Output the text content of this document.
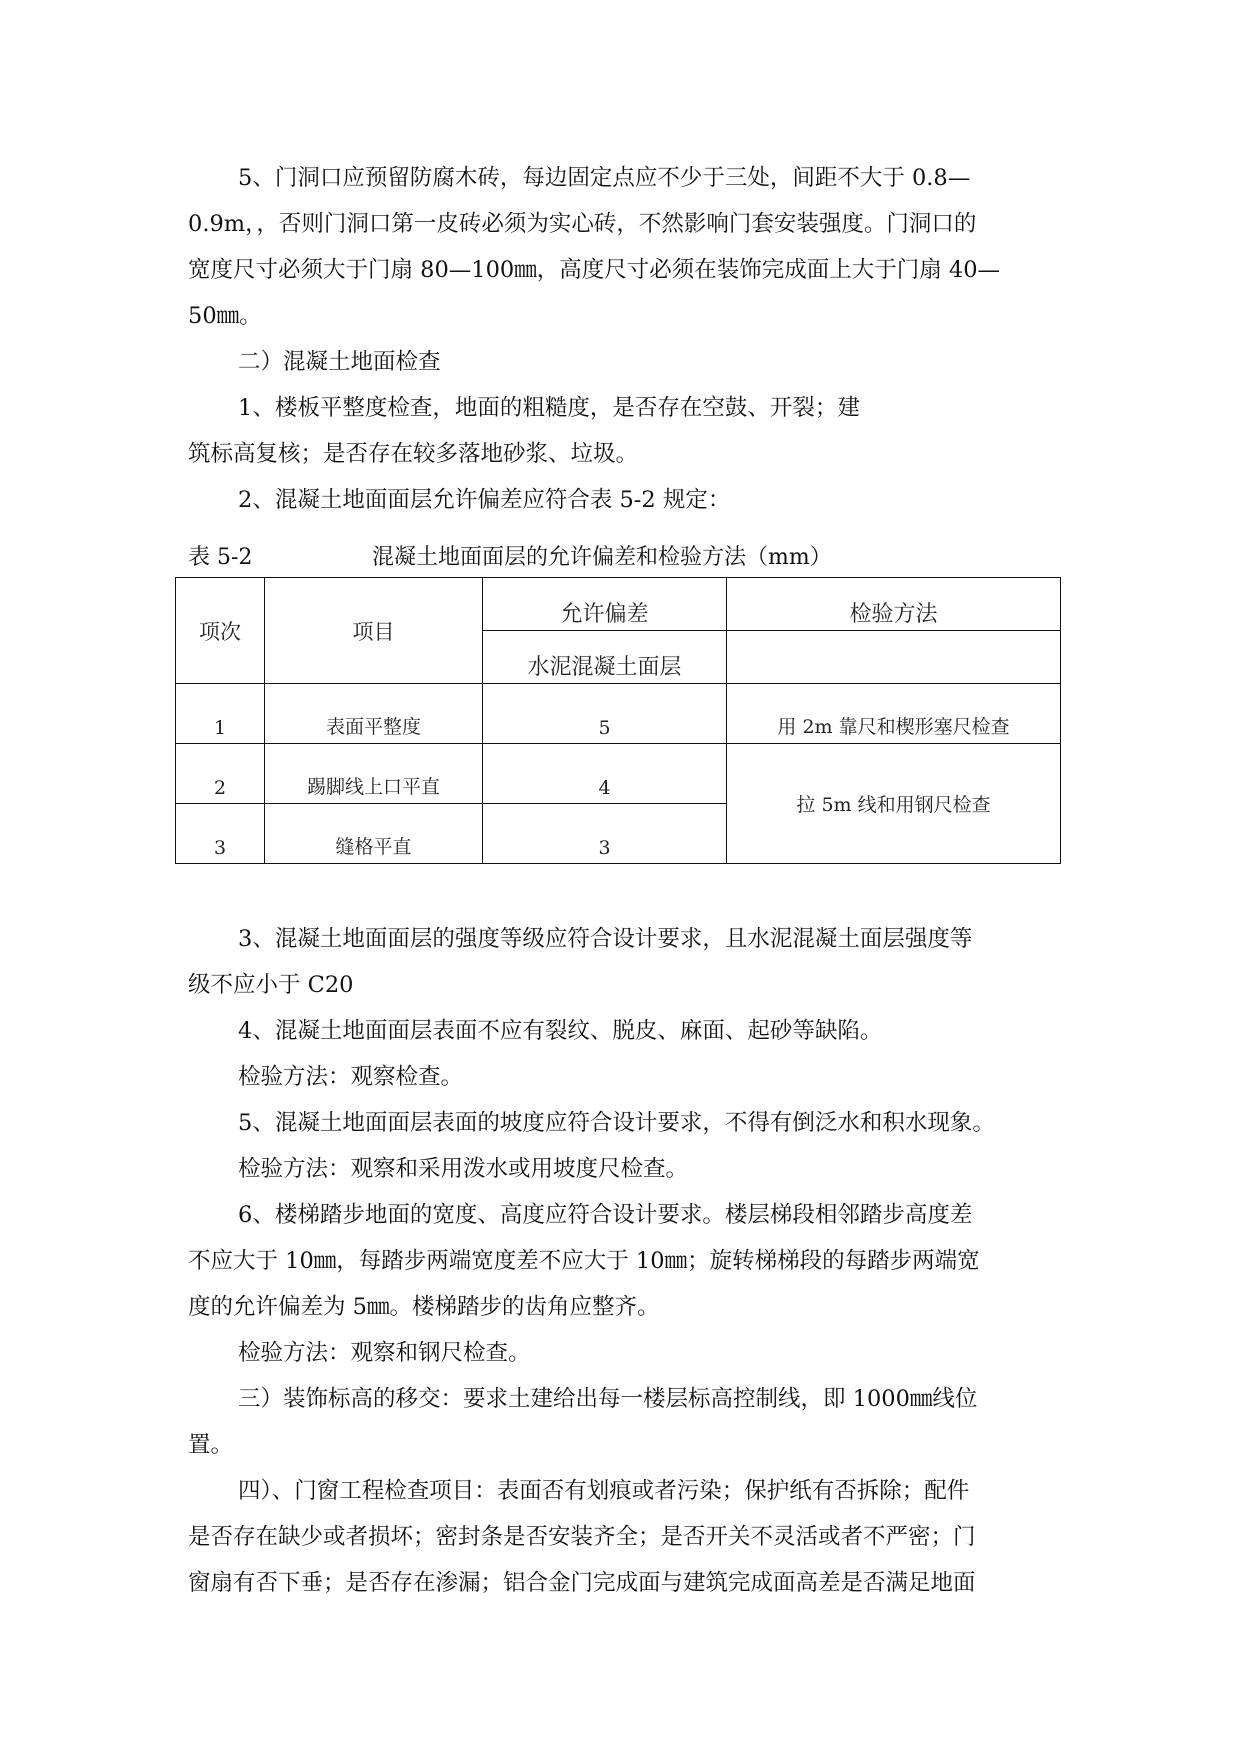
5、门洞口应预留防腐木砖，每边固定点应不少于三处，间距不大于 0.8—

0.9m，，否则门洞口第一皮砖必须为实心砖，不然影响门套安装强度。门洞口的

宽度尺寸必须大于门扇 80—100㎜，高度尺寸必须在装饰完成面上大于门扇 40—

50㎜。

二）混凝土地面检查

1、楼板平整度检查，地面的粗糙度，是否存在空鼓、开裂；建

筑标高复核；是否存在较多落地砂浆、垃圾。

2、混凝土地面面层允许偏差应符合表 5-2 规定：

表 5-2	混凝土地面面层的允许偏差和检验方法（mm）
项次	项目	允许偏差	检验方法
		水泥混凝土面层	
1	表面平整度	5	用 2m 靠尺和楔形塞尺检查
2	踢脚线上口平直	4	拉 5m 线和用钢尺检查
3	缝格平直	3	

3、混凝土地面面层的强度等级应符合设计要求，且水泥混凝土面层强度等

级不应小于 C20

4、混凝土地面面层表面不应有裂纹、脱皮、麻面、起砂等缺陷。

检验方法：观察检查。

5、混凝土地面面层表面的坡度应符合设计要求，不得有倒泛水和积水现象。

检验方法：观察和采用泼水或用坡度尺检查。

6、楼梯踏步地面的宽度、高度应符合设计要求。楼层梯段相邻踏步高度差

不应大于 10㎜，每踏步两端宽度差不应大于 10㎜；旋转梯梯段的每踏步两端宽

度的允许偏差为 5㎜。楼梯踏步的齿角应整齐。

检验方法：观察和钢尺检查。

三）装饰标高的移交：要求土建给出每一楼层标高控制线，即 1000㎜线位

置。

四）、门窗工程检查项目：表面否有划痕或者污染；保护纸有否拆除；配件

是否存在缺少或者损坏；密封条是否安装齐全；是否开关不灵活或者不严密；门

窗扇有否下垂；是否存在渗漏；铝合金门完成面与建筑完成面高差是否满足地面
